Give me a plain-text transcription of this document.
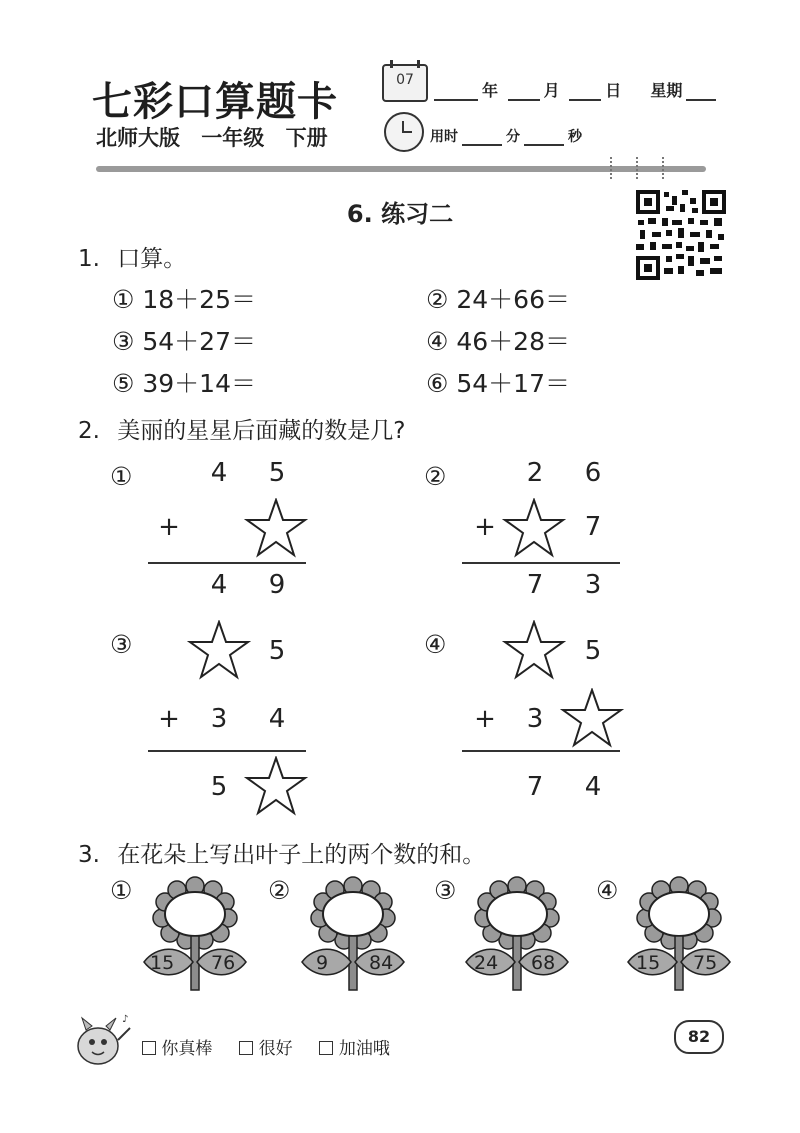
七彩口算题卡
北师大版 一年级 下册
07
年	月	日 星期
用时	分	秒
6. 练习二
1. 口算。
① 18＋25＝	② 24＋66＝
③ 54＋27＝	④ 46＋28＝
⑤ 39＋14＝	⑥ 54＋17＝
2. 美丽的星星后面藏的数是几?
①	4 5
+
4 9
②	2 6
+	7
7 3
③	5
+ 3 4
5
④	5
+ 3
7 4
3. 在花朵上写出叶子上的两个数的和。
①
15 76
②
9 84
③
24 68
④
15 75
♪
你真棒	很好	加油哦
82
